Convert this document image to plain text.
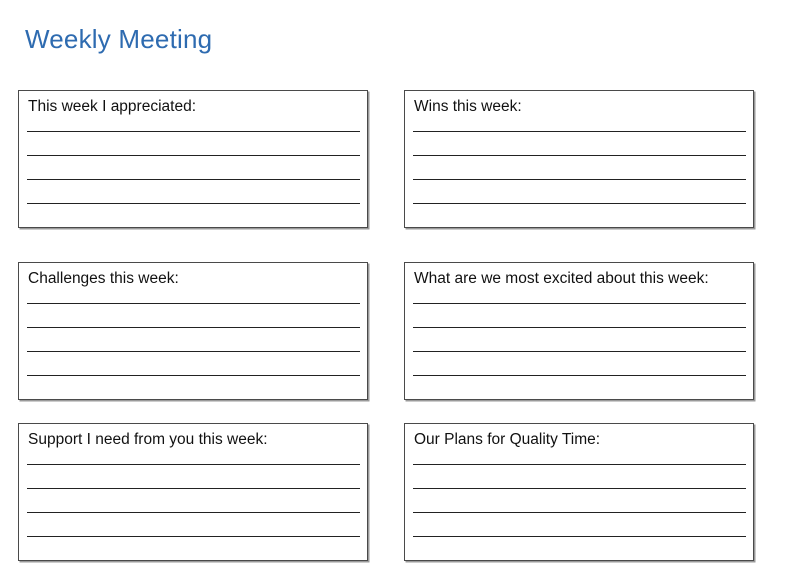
Weekly Meeting
This week I appreciated:	Wins this week:
Challenges this week:	What are we most excited about this week:
Support I need from you this week:	Our Plans for Quality Time:
